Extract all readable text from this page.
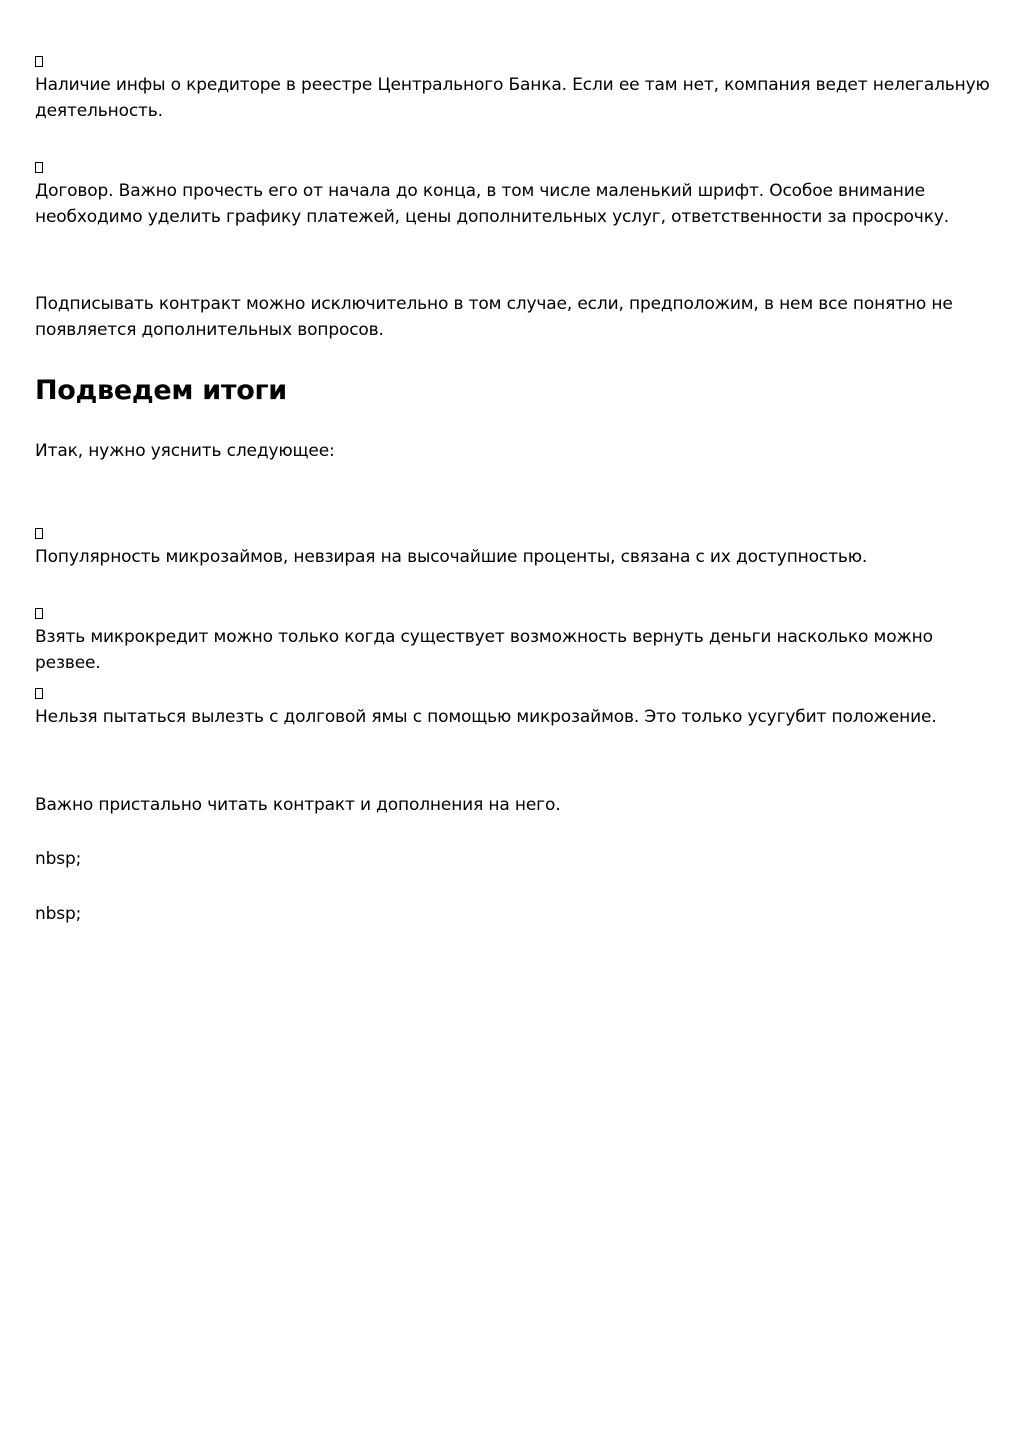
Наличие инфы о кредиторе в реестре Центрального Банка. Если ее там нет, компания ведет нелегальную деятельность.

Договор. Важно прочесть его от начала до конца, в том числе маленький шрифт. Особое внимание необходимо уделить графику платежей, цены дополнительных услуг, ответственности за просрочку.

Подписывать контракт можно исключительно в том случае, если, предположим, в нем все понятно не появляется дополнительных вопросов.

Подведем итоги

Итак, нужно уяснить следующее:

Популярность микрозаймов, невзирая на высочайшие проценты, связана с их доступностью.

Взять микрокредит можно только когда существует возможность вернуть деньги насколько можно резвее.

Нельзя пытаться вылезть с долговой ямы с помощью микрозаймов. Это только усугубит положение.

Важно пристально читать контракт и дополнения на него.

nbsp;

nbsp;
